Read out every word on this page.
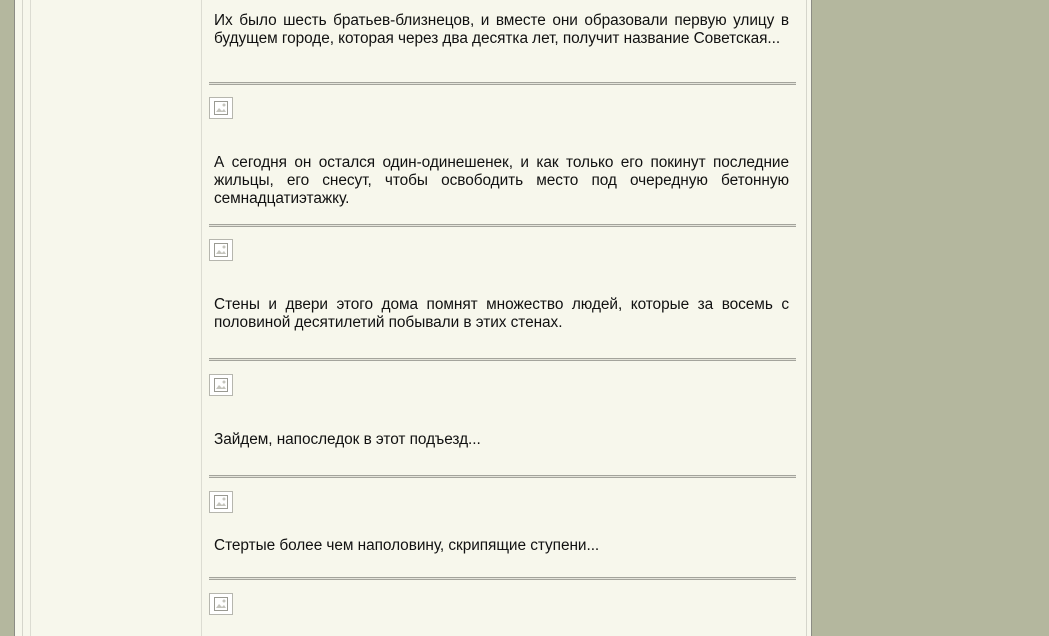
Их было шесть братьев-близнецов, и вместе они образовали первую улицу в будущем городе, которая через два десятка лет, получит название Советская...

А сегодня он остался один-одинешенек, и как только его покинут последние жильцы, его снесут, чтобы освободить место под очередную бетонную семнадцатиэтажку.

Стены и двери этого дома помнят множество людей, которые за восемь с половиной десятилетий побывали в этих стенах.

Зайдем, напоследок в этот подъезд...

Стертые более чем наполовину, скрипящие ступени...
